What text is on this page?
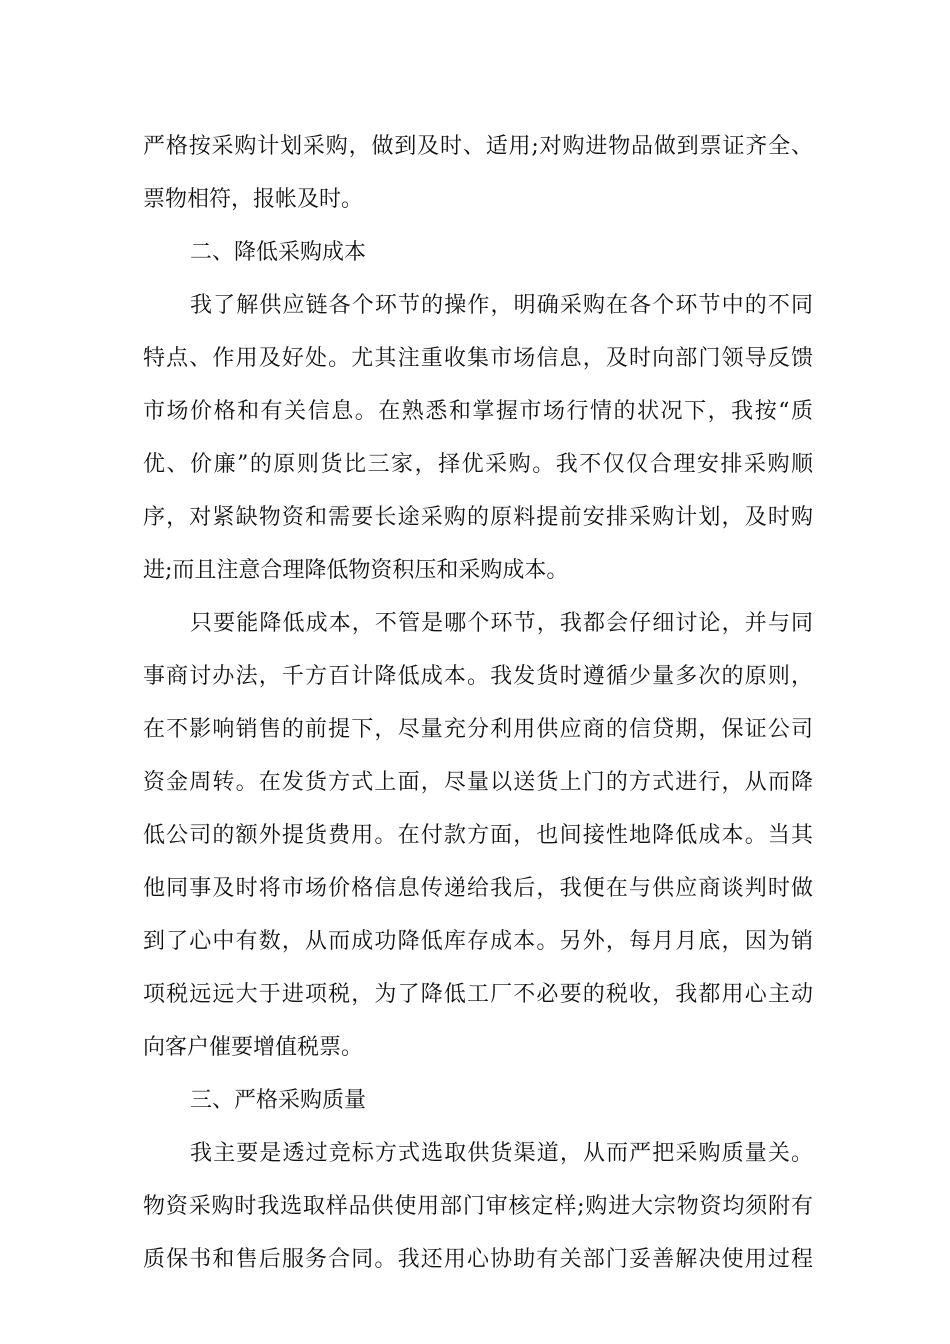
严格按采购计划采购，做到及时、适用;对购进物品做到票证齐全、
票物相符，报帐及时。
二、降低采购成本
我了解供应链各个环节的操作，明确采购在各个环节中的不同
特点、作用及好处。尤其注重收集市场信息，及时向部门领导反馈
市场价格和有关信息。在熟悉和掌握市场行情的状况下，我按“质
优、价廉”的原则货比三家，择优采购。我不仅仅合理安排采购顺
序，对紧缺物资和需要长途采购的原料提前安排采购计划，及时购
进;而且注意合理降低物资积压和采购成本。
只要能降低成本，不管是哪个环节，我都会仔细讨论，并与同
事商讨办法，千方百计降低成本。我发货时遵循少量多次的原则，
在不影响销售的前提下，尽量充分利用供应商的信贷期，保证公司
资金周转。在发货方式上面，尽量以送货上门的方式进行，从而降
低公司的额外提货费用。在付款方面，也间接性地降低成本。当其
他同事及时将市场价格信息传递给我后，我便在与供应商谈判时做
到了心中有数，从而成功降低库存成本。另外，每月月底，因为销
项税远远大于进项税，为了降低工厂不必要的税收，我都用心主动
向客户催要增值税票。
三、严格采购质量
我主要是透过竞标方式选取供货渠道，从而严把采购质量关。
物资采购时我选取样品供使用部门审核定样;购进大宗物资均须附有
质保书和售后服务合同。我还用心协助有关部门妥善解决使用过程
